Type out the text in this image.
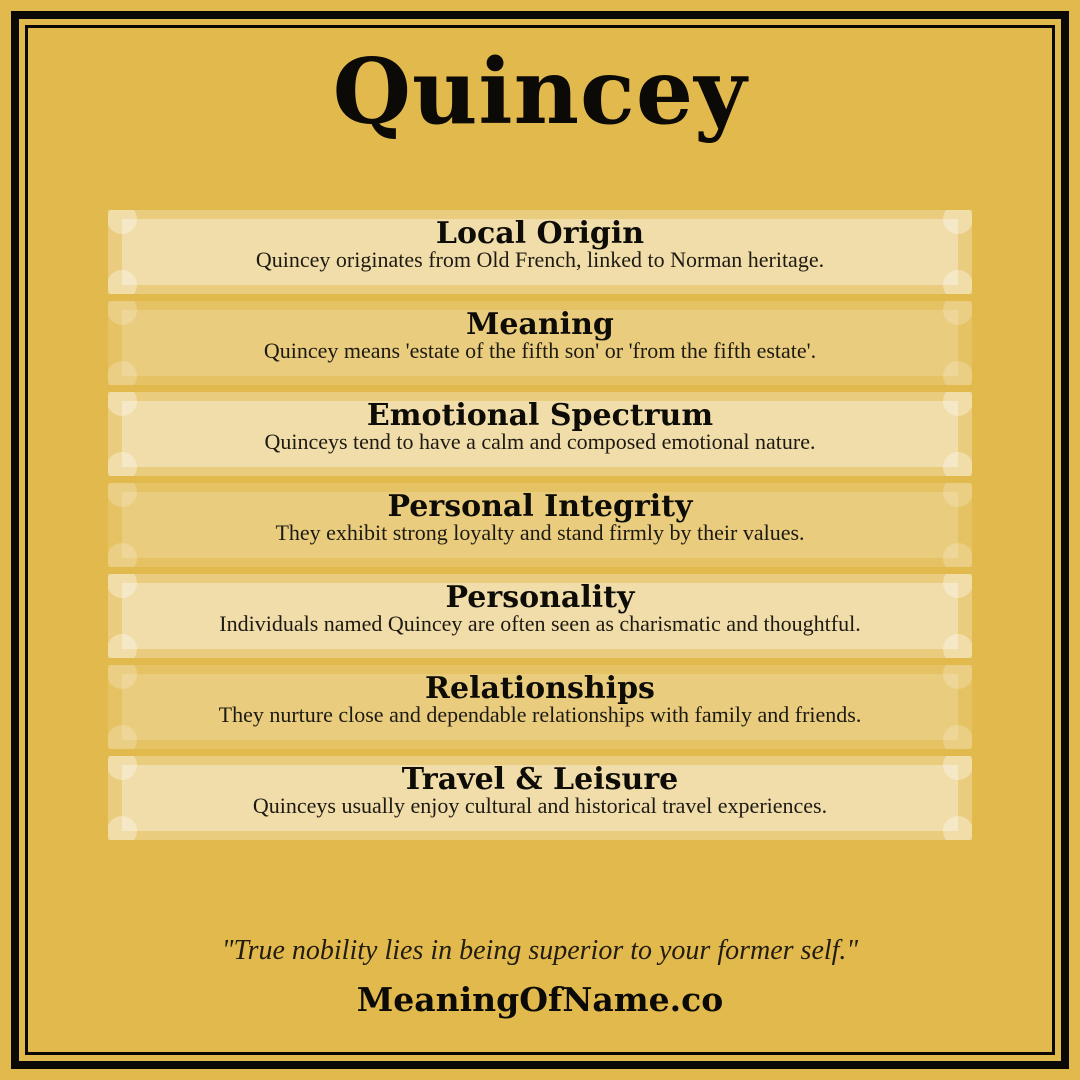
Quincey
Local Origin

Quincey originates from Old French, linked to Norman heritage.

Meaning

Quincey means 'estate of the fifth son' or 'from the fifth estate'.

Emotional Spectrum

Quinceys tend to have a calm and composed emotional nature.

Personal Integrity

They exhibit strong loyalty and stand firmly by their values.

Personality

Individuals named Quincey are often seen as charismatic and thoughtful.

Relationships

They nurture close and dependable relationships with family and friends.

Travel & Leisure

Quinceys usually enjoy cultural and historical travel experiences.

"True nobility lies in being superior to your former self."

MeaningOfName.co
